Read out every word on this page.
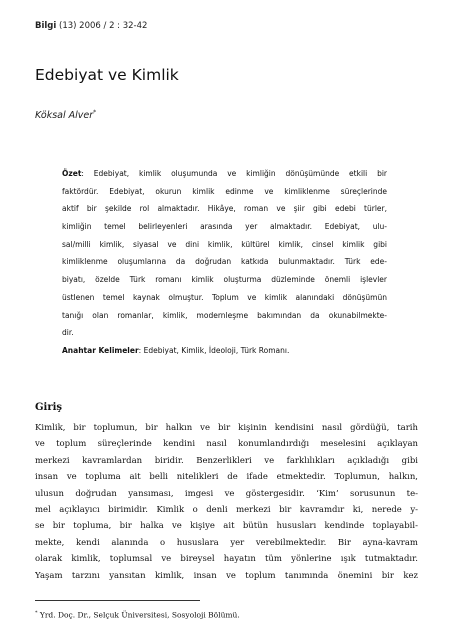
Bilgi (13) 2006 / 2 : 32-42
Edebiyat ve Kimlik
Köksal Alver*
Özet: Edebiyat, kimlik oluşumunda ve kimliğin dönüşümünde etkili bir
faktördür. Edebiyat, okurun kimlik edinme ve kimliklenme süreçlerinde
aktif bir şekilde rol almaktadır. Hikâye, roman ve şiir gibi edebi türler,
kimliğin temel belirleyenleri arasında yer almaktadır. Edebiyat, ulu-
sal/milli kimlik, siyasal ve dini kimlik, kültürel kimlik, cinsel kimlik gibi
kimliklenme oluşumlarına da doğrudan katkıda bulunmaktadır. Türk ede-
biyatı, özelde Türk romanı kimlik oluşturma düzleminde önemli işlevler
üstlenen temel kaynak olmuştur. Toplum ve kimlik alanındaki dönüşümün
tanığı olan romanlar, kimlik, modernleşme bakımından da okunabilmekte-
dir.
Anahtar Kelimeler: Edebiyat, Kimlik, İdeoloji, Türk Romanı.
Giriş
Kimlik, bir toplumun, bir halkın ve bir kişinin kendisini nasıl gördüğü, tarih
ve toplum süreçlerinde kendini nasıl konumlandırdığı meselesini açıklayan
merkezi kavramlardan biridir. Benzerlikleri ve farklılıkları açıkladığı gibi
insan ve topluma ait belli nitelikleri de ifade etmektedir. Toplumun, halkın,
ulusun doğrudan yansıması, imgesi ve göstergesidir. ‘Kim’ sorusunun te-
mel açıklayıcı birimidir. Kimlik o denli merkezi bir kavramdır ki, nerede y-
se bir topluma, bir halka ve kişiye ait bütün hususları kendinde toplayabil-
mekte, kendi alanında o hususlara yer verebilmektedir. Bir ayna-kavram
olarak kimlik, toplumsal ve bireysel hayatın tüm yönlerine ışık tutmaktadır.
Yaşam tarzını yansıtan kimlik, insan ve toplum tanımında önemini bir kez
* Yrd. Doç. Dr., Selçuk Üniversitesi, Sosyoloji Bölümü.
